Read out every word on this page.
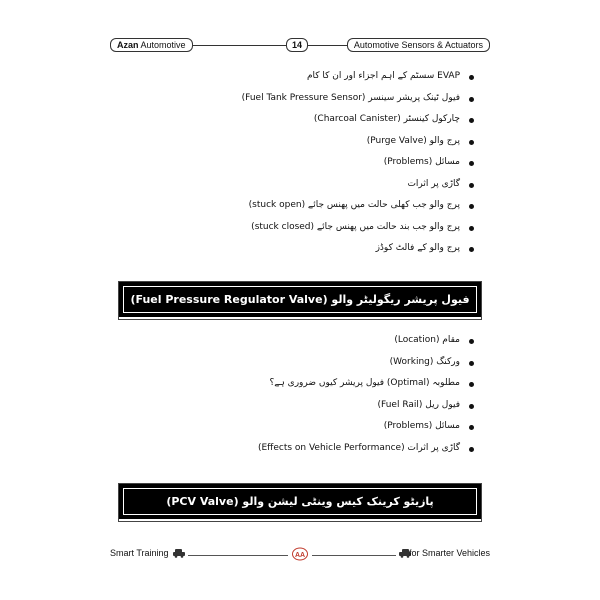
Azan Automotive	14	Automotive Sensors & Actuators
EVAP سسٹم کے اہم اجزاء اور ان کا کام
فیول ٹینک پریشر سینسر (Fuel Tank Pressure Sensor)
چارکول کینسٹر (Charcoal Canister)
پرج والو (Purge Valve)
مسائل (Problems)
گاڑی پر اثرات
پرج والو جب کھلی حالت میں پھنس جائے (stuck open)
پرج والو جب بند حالت میں پھنس جائے (stuck closed)
پرج والو کے فالٹ کوڈز
فیول پریشر ریگولیٹر والو (Fuel Pressure Regulator Valve)
مقام (Location)
ورکنگ (Working)
مطلوبہ (Optimal) فیول پریشر کیوں ضروری ہے؟
فیول ریل (Fuel Rail)
مسائل (Problems)
گاڑی پر اثرات (Effects on Vehicle Performance)
پازیٹو کرینک کیس وینٹی لیشن والو (PCV Valve)
Smart Training	AA	for Smarter Vehicles
